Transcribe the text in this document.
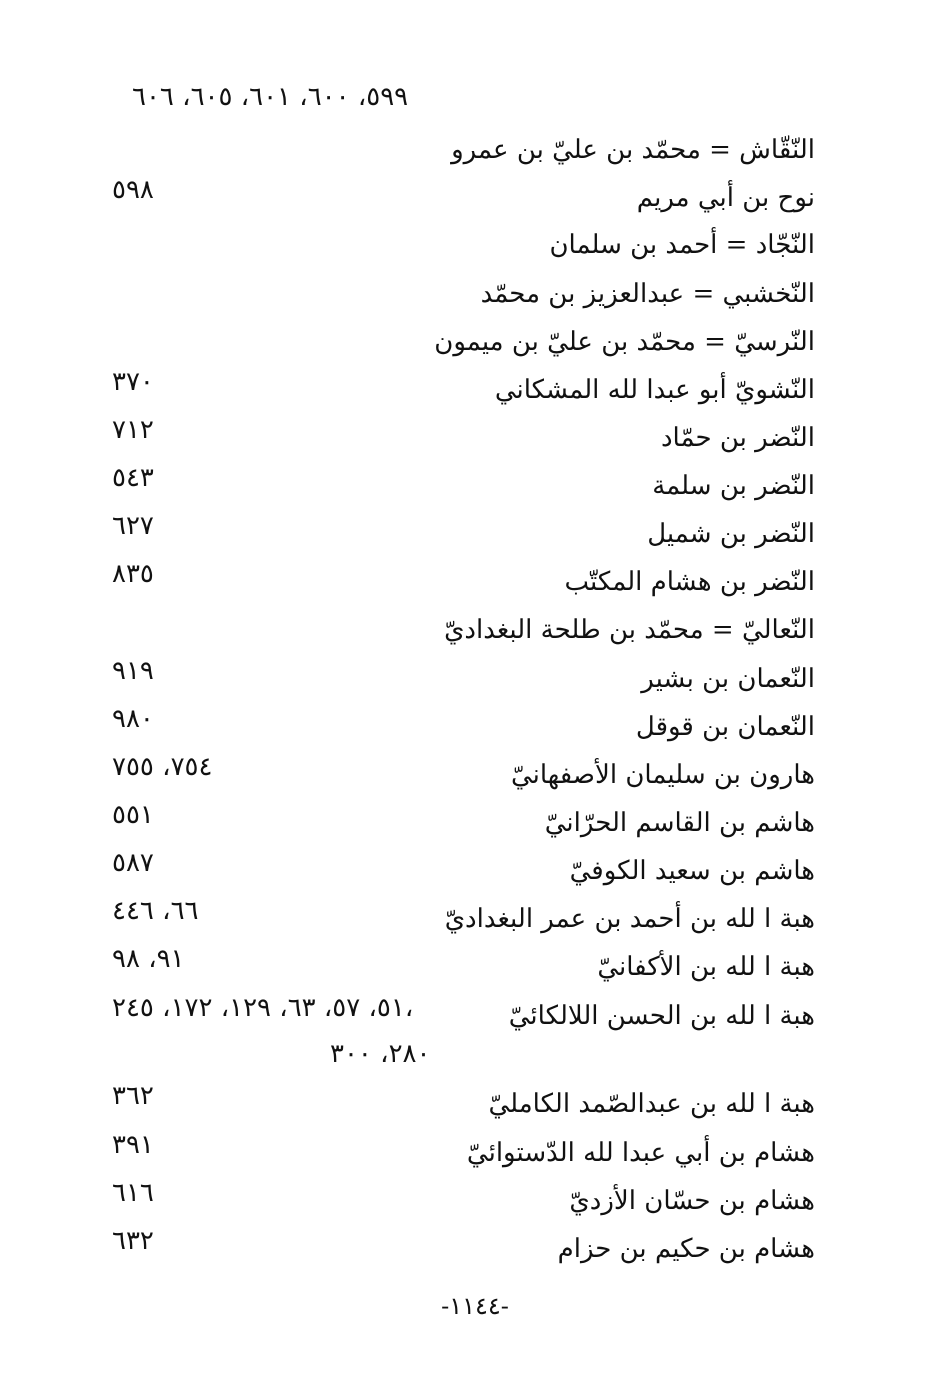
٥٩٩، ٦٠٠، ٦٠١، ٦٠٥، ٦٠٦
النّقّاش = محمّد بن عليّ بن عمرو
نوح بن أبي مريم
٥٩٨
النّجّاد = أحمد بن سلمان
النّخشبي = عبدالعزيز بن محمّد
النّرسيّ = محمّد بن عليّ بن ميمون
النّشويّ أبو عبدا لله المشكاني
٣٧٠
النّضر بن حمّاد
٧١٢
النّضر بن سلمة
٥٤٣
النّضر بن شميل
٦٢٧
النّضر بن هشام المكتّب
٨٣٥
النّعاليّ = محمّد بن طلحة البغداديّ
النّعمان بن بشير
٩١٩
النّعمان بن قوقل
٩٨٠
هارون بن سليمان الأصفهانيّ
٧٥٤، ٧٥٥
هاشم بن القاسم الحرّانيّ
٥٥١
هاشم بن سعيد الكوفيّ
٥٨٧
هبة ا لله بن أحمد بن عمر البغداديّ
٦٦، ٤٤٦
هبة ا لله بن الأكفانيّ
٩١، ٩٨
هبة ا لله بن الحسن اللالكائيّ
٥١، ٥٧، ٦٣، ١٢٩، ١٧٢، ٢٤٥،
٢٨٠، ٣٠٠
هبة ا لله بن عبدالصّمد الكامليّ
٣٦٢
هشام بن أبي عبدا لله الدّستوائيّ
٣٩١
هشام بن حسّان الأزديّ
٦١٦
هشام بن حكيم بن حزام
٦٣٢
-١١٤٤-
